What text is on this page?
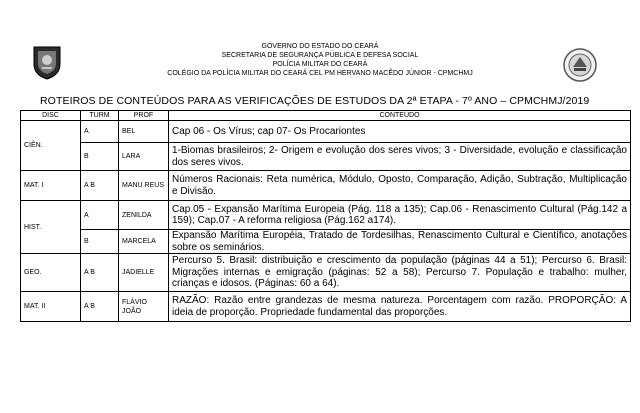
GOVERNO DO ESTADO DO CEARÁ
SECRETARIA DE SEGURANÇA PÚBLICA E DEFESA SOCIAL
POLÍCIA MILITAR DO CEARÁ
COLÉGIO DA POLÍCIA MILITAR DO CEARÁ CEL PM HERVANO MACÊDO JÚNIOR - CPMCHMJ
ROTEIROS DE CONTEÚDOS PARA AS VERIFICAÇÕES DE ESTUDOS DA 2ª ETAPA - 7º ANO – CPMCHMJ/2019
DISC	TURM	PROF	CONTEÚDO
CIÊN.	A	BEL	Cap 06 - Os Vírus; cap 07- Os Procariontes
	B	LARA	1-Biomas brasileiros; 2- Origem e evolução dos seres vivos; 3 - Diversidade, evolução e classificação dos seres vivos.
MAT. I	A B	MANU REUS	Números Racionais: Reta numérica, Módulo, Oposto, Comparação, Adição, Subtração, Multiplicação e Divisão.
HIST.	A	ZENILDA	Cap.05 - Expansão Marítima Europeia (Pág. 118 a 135); Cap.06 - Renascimento Cultural (Pág.142 a 159); Cap.07 - A reforma religiosa (Pág.162 a174).
	B	MARCELA	Expansão Marítima Européia, Tratado de Tordesilhas, Renascimento Cultural e Científico, anotações sobre os seminários.
GEO.	A B	JADIELLE	Percurso 5. Brasil: distribuição e crescimento da população (páginas 44 a 51); Percurso 6. Brasil: Migrações internas e emigração (páginas: 52 a 58); Percurso 7. População e trabalho: mulher, crianças e idosos. (Páginas: 60 a 64).
MAT. II	A B	FLÁVIO JOÃO	RAZÃO: Razão entre grandezas de mesma natureza. Porcentagem com razão. PROPORÇÃO: A ideia de proporção. Propriedade fundamental das proporções.
